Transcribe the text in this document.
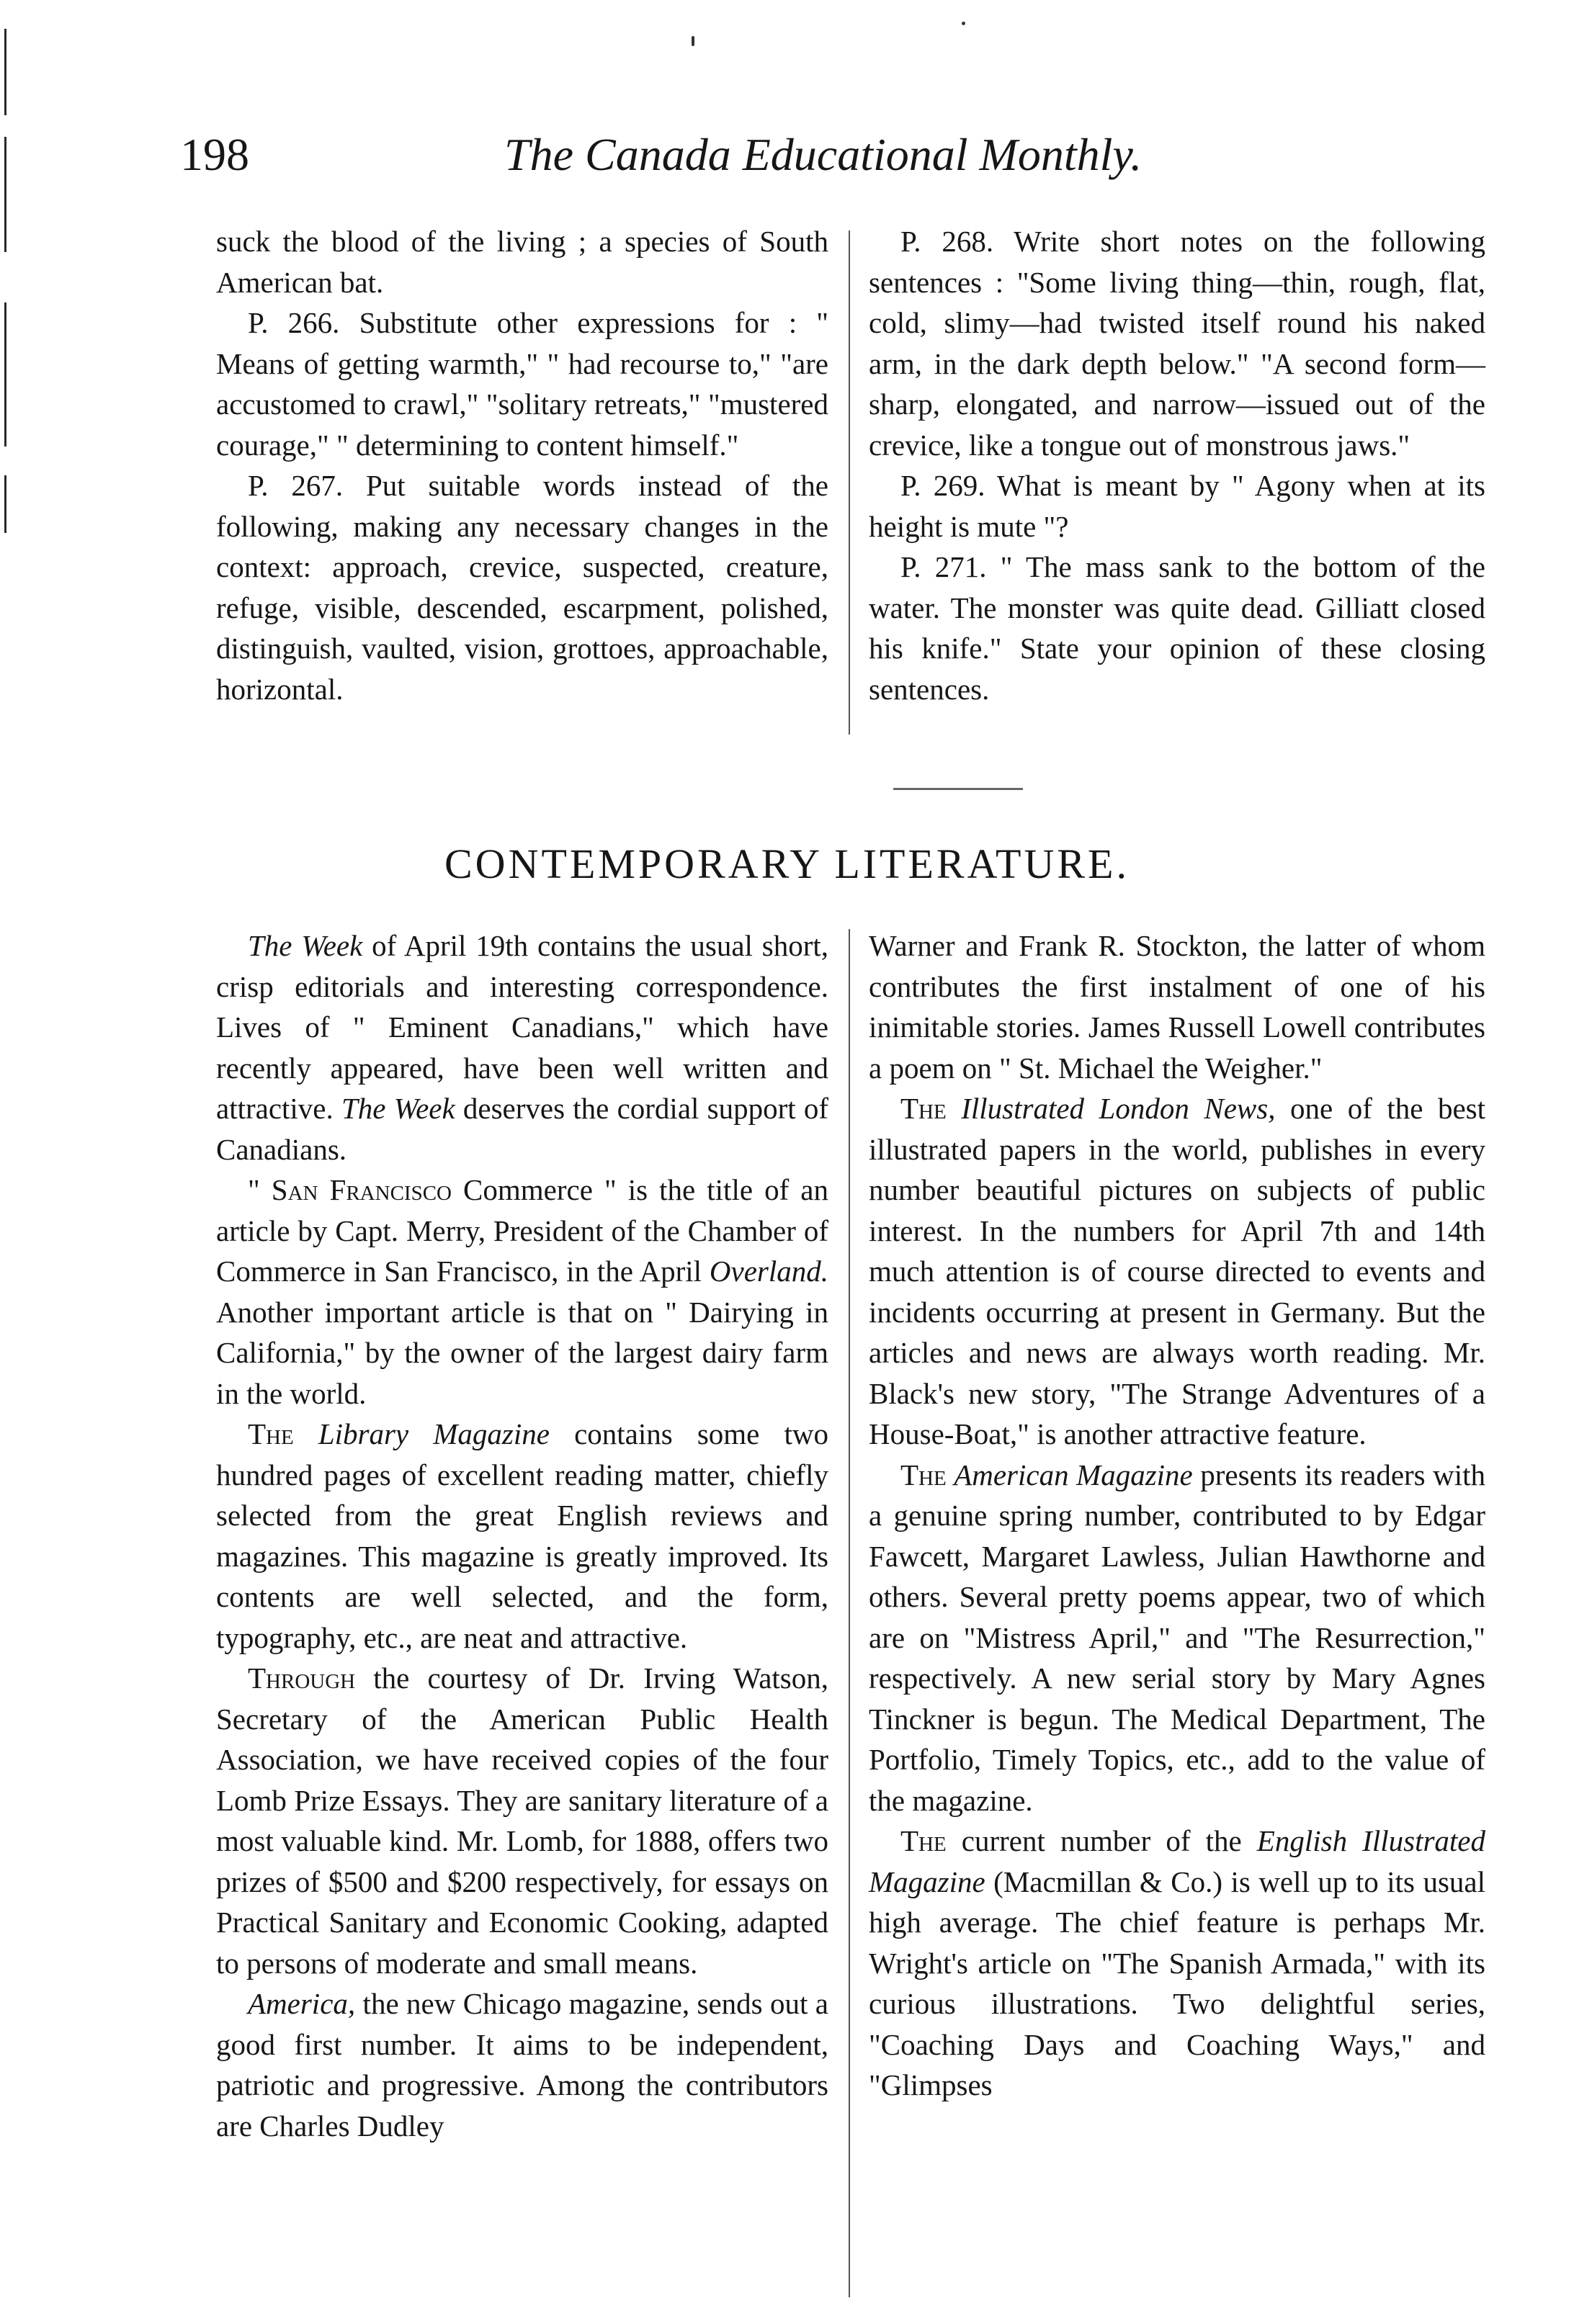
198	The Canada Educational Monthly.

suck the blood of the living ; a species of South American bat.

P. 266. Substitute other expressions for : " Means of getting warmth," " had recourse to," "are accustomed to crawl," "solitary retreats," "mustered courage," " determining to content himself."

P. 267. Put suitable words instead of the following, making any necessary changes in the context: approach, crevice, suspected, creature, refuge, visible, descended, escarpment, polished, distinguish, vaulted, vision, grottoes, approachable, horizontal.

P. 268. Write short notes on the following sentences : "Some living thing—thin, rough, flat, cold, slimy—had twisted itself round his naked arm, in the dark depth below." "A second form—sharp, elongated, and narrow—issued out of the crevice, like a tongue out of monstrous jaws."

P. 269. What is meant by " Agony when at its height is mute "?

P. 271. " The mass sank to the bottom of the water. The monster was quite dead. Gilliatt closed his knife." State your opinion of these closing sentences.

CONTEMPORARY LITERATURE.

The Week of April 19th contains the usual short, crisp editorials and interesting correspondence. Lives of " Eminent Canadians," which have recently appeared, have been well written and attractive. The Week deserves the cordial support of Canadians.

" San Francisco Commerce " is the title of an article by Capt. Merry, President of the Chamber of Commerce in San Francisco, in the April Overland. Another important article is that on " Dairying in California," by the owner of the largest dairy farm in the world.

The Library Magazine contains some two hundred pages of excellent reading matter, chiefly selected from the great English reviews and magazines. This magazine is greatly improved. Its contents are well selected, and the form, typography, etc., are neat and attractive.

Through the courtesy of Dr. Irving Watson, Secretary of the American Public Health Association, we have received copies of the four Lomb Prize Essays. They are sanitary literature of a most valuable kind. Mr. Lomb, for 1888, offers two prizes of $500 and $200 respectively, for essays on Practical Sanitary and Economic Cooking, adapted to persons of moderate and small means.

America, the new Chicago magazine, sends out a good first number. It aims to be independent, patriotic and progressive. Among the contributors are Charles Dudley

Warner and Frank R. Stockton, the latter of whom contributes the first instalment of one of his inimitable stories. James Russell Lowell contributes a poem on " St. Michael the Weigher."

The Illustrated London News, one of the best illustrated papers in the world, publishes in every number beautiful pictures on subjects of public interest. In the numbers for April 7th and 14th much attention is of course directed to events and incidents occurring at present in Germany. But the articles and news are always worth reading. Mr. Black's new story, "The Strange Adventures of a House-Boat," is another attractive feature.

The American Magazine presents its readers with a genuine spring number, contributed to by Edgar Fawcett, Margaret Lawless, Julian Hawthorne and others. Several pretty poems appear, two of which are on "Mistress April," and "The Resurrection," respectively. A new serial story by Mary Agnes Tinckner is begun. The Medical Department, The Portfolio, Timely Topics, etc., add to the value of the magazine.

The current number of the English Illustrated Magazine (Macmillan & Co.) is well up to its usual high average. The chief feature is perhaps Mr. Wright's article on "The Spanish Armada," with its curious illustrations. Two delightful series, "Coaching Days and Coaching Ways," and "Glimpses
